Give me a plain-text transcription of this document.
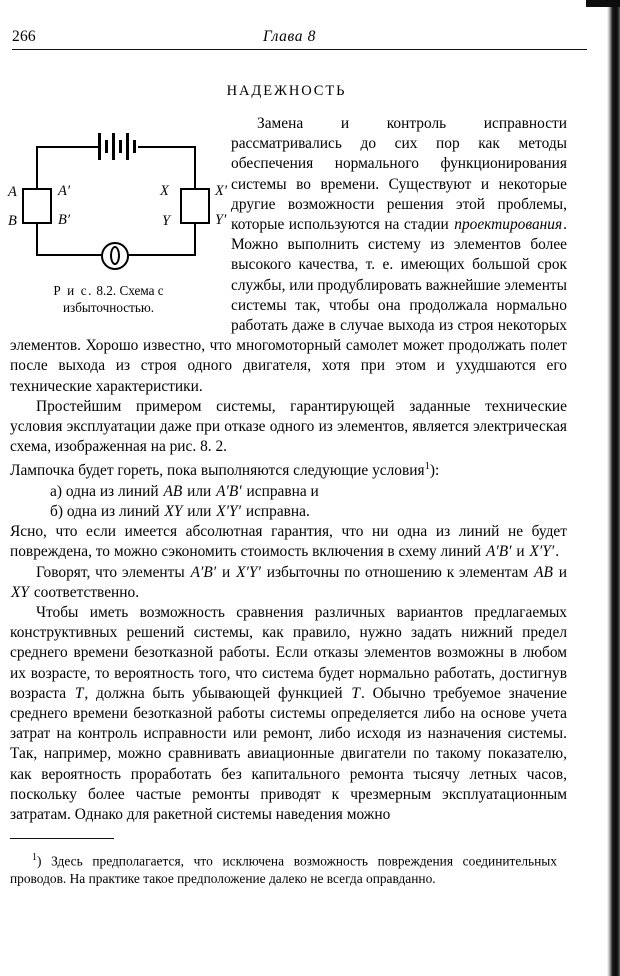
266	Глава 8
НАДЕЖНОСТЬ
A	A′
B	B′
X	X′
Y	Y′
Р и с. 8.2. Схема с избыточностью.

Замена и контроль исправности рассматривались до сих пор как методы обеспечения нормального функционирования системы во времени. Существуют и некоторые другие возможности решения этой проблемы, которые используются на стадии проектирования. Можно выполнить систему из элементов более высокого качества, т. е. имеющих большой срок службы, или продублировать важнейшие элементы системы так, чтобы она продолжала нормально работать даже в случае выхода из строя некоторых элементов. Хорошо известно, что многомоторный самолет может продолжать полет после выхода из строя одного двигателя, хотя при этом и ухудшаются его технические характеристики.

Простейшим примером системы, гарантирующей заданные технические условия эксплуатации даже при отказе одного из элементов, является электрическая схема, изображенная на рис. 8. 2.

Лампочка будет гореть, пока выполняются следующие условия$^1$):

а) одна из линий AB или A′B′ исправна и
б) одна из линий XY или X′Y′ исправна.

Ясно, что если имеется абсолютная гарантия, что ни одна из линий не будет повреждена, то можно сэкономить стоимость включения в схему линий A′B′ и X′Y′.

Говорят, что элементы A′B′ и X′Y′ избыточны по отношению к элементам AB и XY соответственно.

Чтобы иметь возможность сравнения различных вариантов предлагаемых конструктивных решений системы, как правило, нужно задать нижний предел среднего времени безотказной работы. Если отказы элементов возможны в любом их возрасте, то вероятность того, что система будет нормально работать, достигнув возраста T, должна быть убывающей функцией T. Обычно требуемое значение среднего времени безотказной работы системы определяется либо на основе учета затрат на контроль исправности или ремонт, либо исходя из назначения системы. Так, например, можно сравнивать авиационные двигатели по такому показателю, как вероятность проработать без капитального ремонта тысячу летных часов, поскольку более частые ремонты приводят к чрезмерным эксплуатационным затратам. Однако для ракетной системы наведения можно

$^1$) Здесь предполагается, что исключена возможность повреждения соединительных проводов. На практике такое предположение далеко не всегда оправданно.
